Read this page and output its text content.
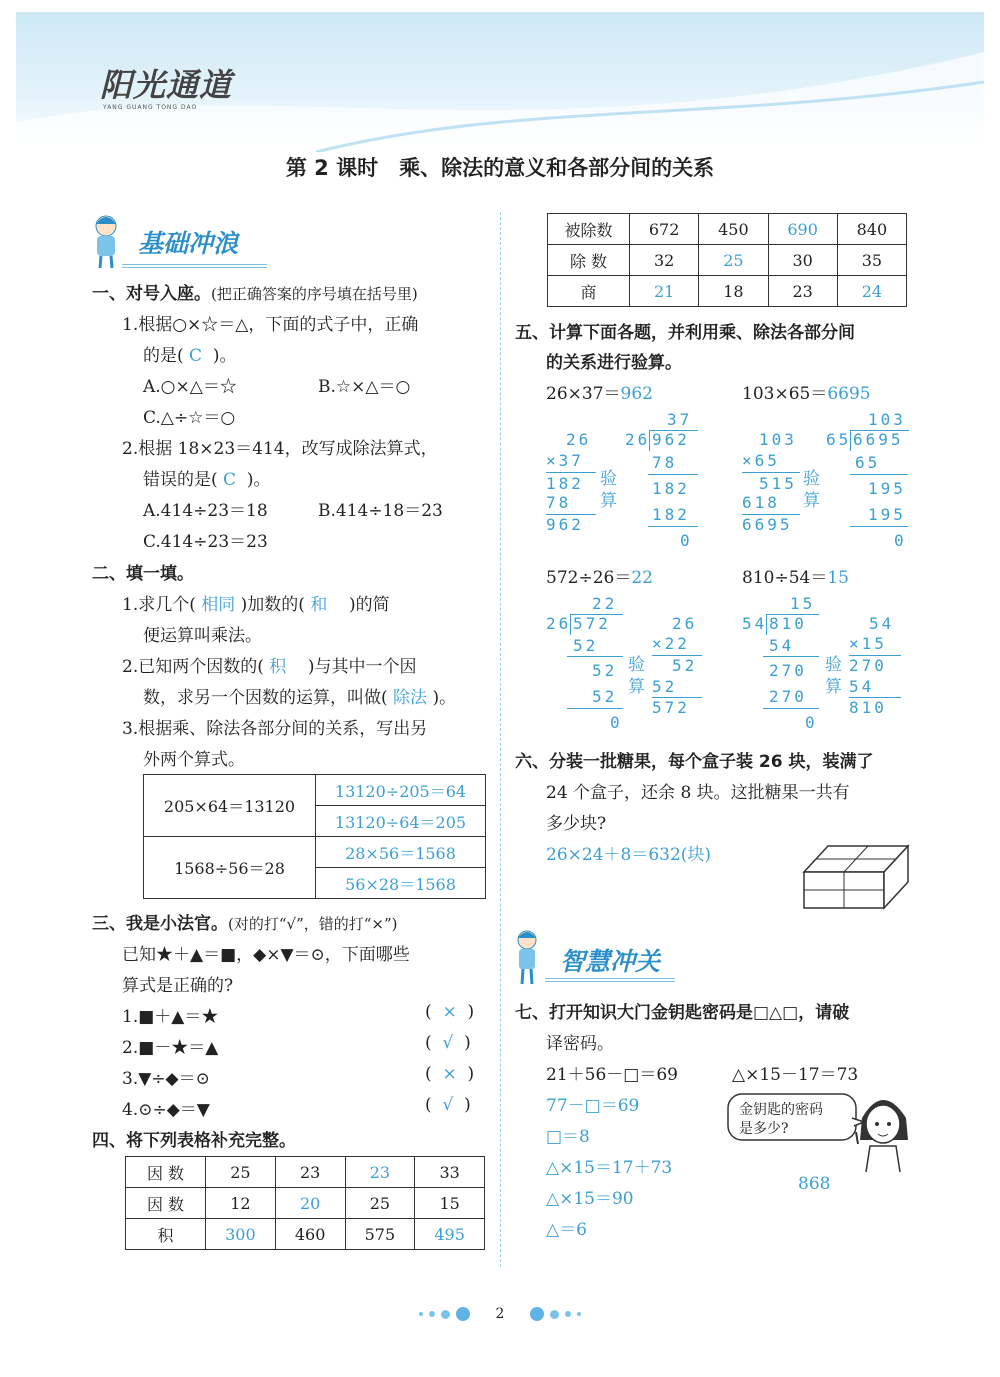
阳光通道
YANG GUANG TONG DAO
第 2 课时　乘、除法的意义和各部分间的关系
基础冲浪
一、对号入座。(把正确答案的序号填在括号里)
1.根据○×☆＝△，下面的式子中，正确
的是( C )。
A.○×△＝☆	B.☆×△＝○
C.△÷☆＝○
2.根据 18×23＝414，改写成除法算式，
错误的是( C )。
A.414÷23＝18	B.414÷18＝23
C.414÷23＝23
二、填一填。
1.求几个( 相同 )加数的( 和 )的简
便运算叫乘法。
2.已知两个因数的( 积 )与其中一个因
数，求另一个因数的运算，叫做( 除法 )。
3.根据乘、除法各部分间的关系，写出另
外两个算式。
205×64＝13120	13120÷205＝64
	13120÷64＝205
1568÷56＝28	28×56＝1568
	56×28＝1568
三、我是小法官。(对的打“√”，错的打“×”)
已知★＋▲＝■，◆×▼＝⊙，下面哪些
算式是正确的?
1.■＋▲＝★	(  ×  )
2.■－★＝▲	(  √  )
3.▼÷◆＝⊙	(  ×  )
4.⊙÷◆＝▼	(  √  )
四、将下列表格补充完整。
因 数	25	23	23	33
因 数	12	20	25	15
积	300	460	575	495
被除数	672	450	690	840
除 数	32	25	30	35
商	21	18	23	24
五、计算下面各题，并利用乘、除法各部分间
的关系进行验算。
26×37＝962	103×65＝6695
26
×37
182
78
962
验算
37
26 962
78
182
182
0
103
×65
515
618
6695
验算
103
65 6695
65
195
195
0
572÷26＝22	810÷54＝15
22
26 572
52
52
52
0
验算
26
×22
52
52
572
15
54 810
54
270
270
0
验算
54
×15
270
54
810
六、分装一批糖果，每个盒子装 26 块，装满了
24 个盒子，还余 8 块。这批糖果一共有
多少块?
26×24＋8＝632(块)
智慧冲关
七、打开知识大门金钥匙密码是□△□，请破
译密码。
21＋56－□＝69	△×15－17＝73
77－□＝69
□＝8
△×15＝17＋73
△×15＝90
△＝6
金钥匙的密码
是多少?
868
2
